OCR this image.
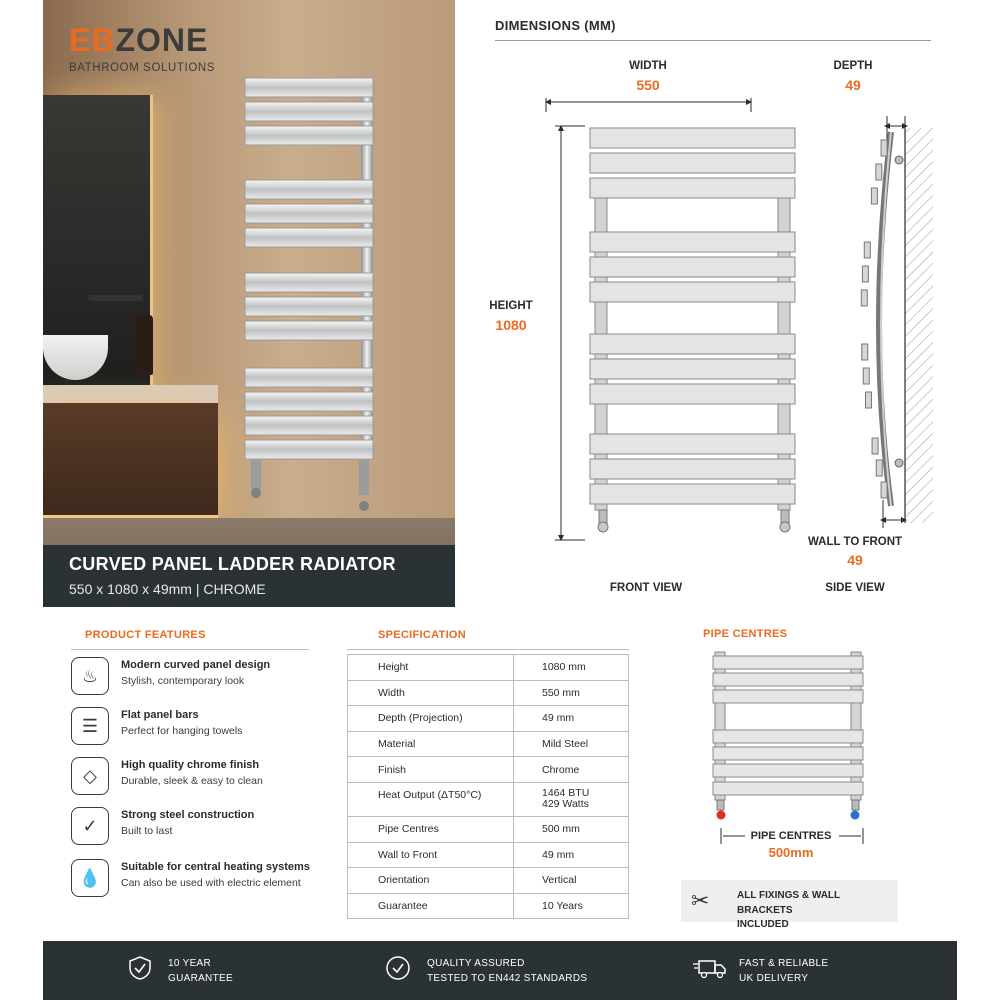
EBZONE
BATHROOM SOLUTIONS
CURVED PANEL LADDER RADIATOR
550 x 1080 x 49mm | CHROME
DIMENSIONS (MM)
WIDTH
550
DEPTH
49
HEIGHT
1080
WALL TO FRONT
49
FRONT VIEW	SIDE VIEW
PRODUCT FEATURES
♨
Modern curved panel design
Stylish, contemporary look
☰
Flat panel bars
Perfect for hanging towels
◇
High quality chrome finish
Durable, sleek & easy to clean
✓
Strong steel construction
Built to last
💧
Suitable for central heating systems
Can also be used with electric element
SPECIFICATION
Height	1080 mm
Width	550 mm
Depth (Projection)	49 mm
Material	Mild Steel
Finish	Chrome
Heat Output (ΔT50°C)	1464 BTU
429 Watts

Pipe Centres	500 mm
Wall to Front	49 mm
Orientation	Vertical
Guarantee	10 Years
PIPE CENTRES
PIPE CENTRES
500mm
✂	ALL FIXINGS & WALL BRACKETS
INCLUDED
10 YEAR
GUARANTEE
QUALITY ASSURED
TESTED TO EN442 STANDARDS
FAST & RELIABLE
UK DELIVERY
